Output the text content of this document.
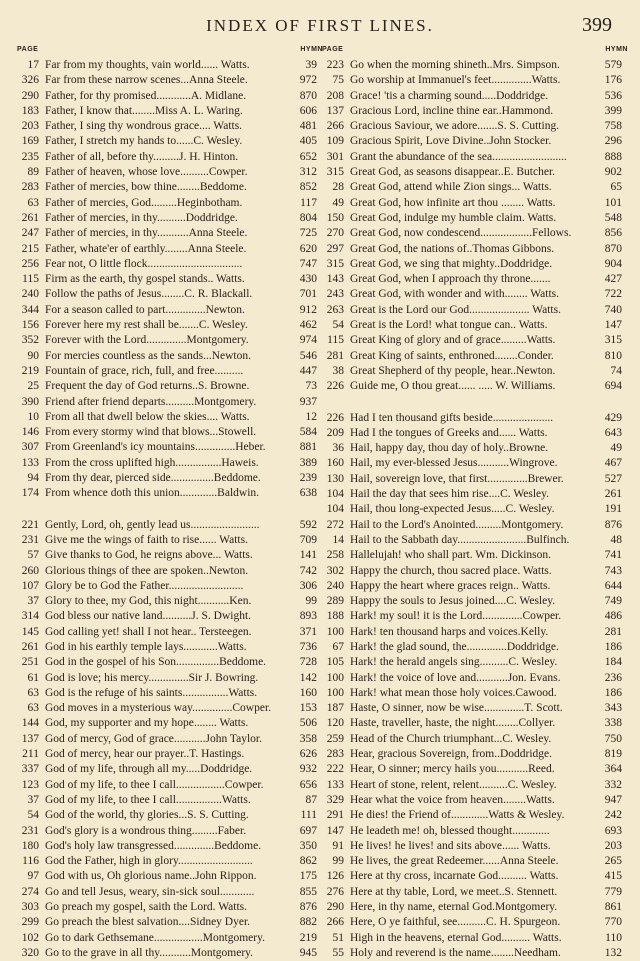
INDEX OF FIRST LINES.	399
PAGE	HYMN
17 Far from my thoughts, vain world...... Watts.	39
326 Far from these narrow scenes...Anna Steele.	972
290 Father, for thy promised............A. Midlane.	870
183 Father, I know that........Miss A. L. Waring.	606
203 Father, I sing thy wondrous grace.... Watts.	481
169 Father, I stretch my hands to......C. Wesley.	405
235 Father of all, before thy.........J. H. Hinton.	652
89 Father of heaven, whose love..........Cowper.	312
283 Father of mercies, bow thine........Beddome.	852
63 Father of mercies, God.........Heginbotham.	117
261 Father of mercies, in thy..........Doddridge.	804
247 Father of mercies, in thy...........Anna Steele.	725
215 Father, whate'er of earthly........Anna Steele.	620
256 Fear not, O little flock.................................	747
115 Firm as the earth, thy gospel stands.. Watts.	430
240 Follow the paths of Jesus........C. R. Blackall.	701
344 For a season called to part..............Newton.	912
156 Forever here my rest shall be.......C. Wesley.	462
352 Forever with the Lord..............Montgomery.	974
90 For mercies countless as the sands...Newton.	546
219 Fountain of grace, rich, full, and free..........	447
25 Frequent the day of God returns..S. Browne.	73
390 Friend after friend departs..........Montgomery.	937
10 From all that dwell below the skies.... Watts.	12
146 From every stormy wind that blows...Stowell.	584
307 From Greenland's icy mountains..............Heber.	881
133 From the cross uplifted high................Haweis.	389
94 From thy dear, pierced side...............Beddome.	239
174 From whence doth this union.............Baldwin.	638
221 Gently, Lord, oh, gently lead us........................	592
231 Give me the wings of faith to rise...... Watts.	709
57 Give thanks to God, he reigns above... Watts.	141
260 Glorious things of thee are spoken..Newton.	742
107 Glory be to God the Father..........................	306
37 Glory to thee, my God, this night...........Ken.	99
314 God bless our native land..........J. S. Dwight.	893
145 God calling yet! shall I not hear.. Tersteegen.	371
261 God in his earthly temple lays............Watts.	736
251 God in the gospel of his Son...............Beddome.	728
61 God is love; his mercy..............Sir J. Bowring.	142
63 God is the refuge of his saints................Watts.	160
63 God moves in a mysterious way..............Cowper.	153
144 God, my supporter and my hope........ Watts.	506
137 God of mercy, God of grace...........John Taylor.	358
211 God of mercy, hear our prayer..T. Hastings.	626
337 God of my life, through all my.....Doddridge.	932
123 God of my life, to thee I call.................Cowper.	656
37 God of my life, to thee I call................Watts.	87
54 God of the world, thy glories...S. S. Cutting.	111
231 God's glory is a wondrous thing.........Faber.	697
180 God's holy law transgressed..............Beddome.	350
116 God the Father, high in glory..........................	862
97 God with us, Oh glorious name..John Rippon.	175
274 Go and tell Jesus, weary, sin-sick soul............	855
303 Go preach my gospel, saith the Lord. Watts.	876
299 Go preach the blest salvation....Sidney Dyer.	882
102 Go to dark Gethsemane.................Montgomery.	219
320 Go to the grave in all thy...........Montgomery.	945
PAGE	HYMN
223 Go when the morning shineth..Mrs. Simpson.	579
75 Go worship at Immanuel's feet..............Watts.	176
208 Grace! 'tis a charming sound.....Doddridge.	536
137 Gracious Lord, incline thine ear..Hammond.	399
266 Gracious Saviour, we adore.......S. S. Cutting.	758
109 Gracious Spirit, Love Divine..John Stocker.	296
301 Grant the abundance of the sea..........................	888
315 Great God, as seasons disappear..E. Butcher.	902
28 Great God, attend while Zion sings... Watts.	65
49 Great God, how infinite art thou ........ Watts.	101
150 Great God, indulge my humble claim. Watts.	548
270 Great God, now condescend..................Fellows.	856
297 Great God, the nations of..Thomas Gibbons.	870
315 Great God, we sing that mighty..Doddridge.	904
143 Great God, when I approach thy throne.......	427
243 Great God, with wonder and with........ Watts.	722
263 Great is the Lord our God..................... Watts.	740
54 Great is the Lord! what tongue can.. Watts.	147
115 Great King of glory and of grace.........Watts.	315
281 Great King of saints, enthroned........Conder.	810
38 Great Shepherd of thy people, hear..Newton.	74
226 Guide me, O thou great...... ..... W. Williams.	694
226 Had I ten thousand gifts beside.....................	429
209 Had I the tongues of Greeks and...... Watts.	643
36 Hail, happy day, thou day of holy..Browne.	49
160 Hail, my ever-blessed Jesus...........Wingrove.	467
130 Hail, sovereign love, that first..............Brewer.	527
104 Hail the day that sees him rise....C. Wesley.	261
104 Hail, thou long-expected Jesus.....C. Wesley.	191
272 Hail to the Lord's Anointed.........Montgomery.	876
14 Hail to the Sabbath day........................Bulfinch.	48
258 Hallelujah! who shall part. Wm. Dickinson.	741
302 Happy the church, thou sacred place. Watts.	743
240 Happy the heart where graces reign.. Watts.	644
289 Happy the souls to Jesus joined....C. Wesley.	749
188 Hark! my soul! it is the Lord..............Cowper.	486
100 Hark! ten thousand harps and voices.Kelly.	281
67 Hark! the glad sound, the..............Doddridge.	186
105 Hark! the herald angels sing..........C. Wesley.	184
100 Hark! the voice of love and...........Jon. Evans.	236
100 Hark! what mean those holy voices.Cawood.	186
187 Haste, O sinner, now be wise..............T. Scott.	343
120 Haste, traveller, haste, the night........Collyer.	338
259 Head of the Church triumphant...C. Wesley.	750
283 Hear, gracious Sovereign, from..Doddridge.	819
222 Hear, O sinner; mercy hails you...........Reed.	364
133 Heart of stone, relent, relent..........C. Wesley.	332
329 Hear what the voice from heaven........Watts.	947
291 He dies! the Friend of.............Watts & Wesley.	242
147 He leadeth me! oh, blessed thought.............	693
91 He lives! he lives! and sits above...... Watts.	203
99 He lives, the great Redeemer......Anna Steele.	265
126 Here at thy cross, incarnate God.......... Watts.	415
276 Here at thy table, Lord, we meet..S. Stennett.	779
290 Here, in thy name, eternal God.Montgomery.	861
266 Here, O ye faithful, see..........C. H. Spurgeon.	770
51 High in the heavens, eternal God.......... Watts.	110
55 Holy and reverend is the name........Needham.	132
